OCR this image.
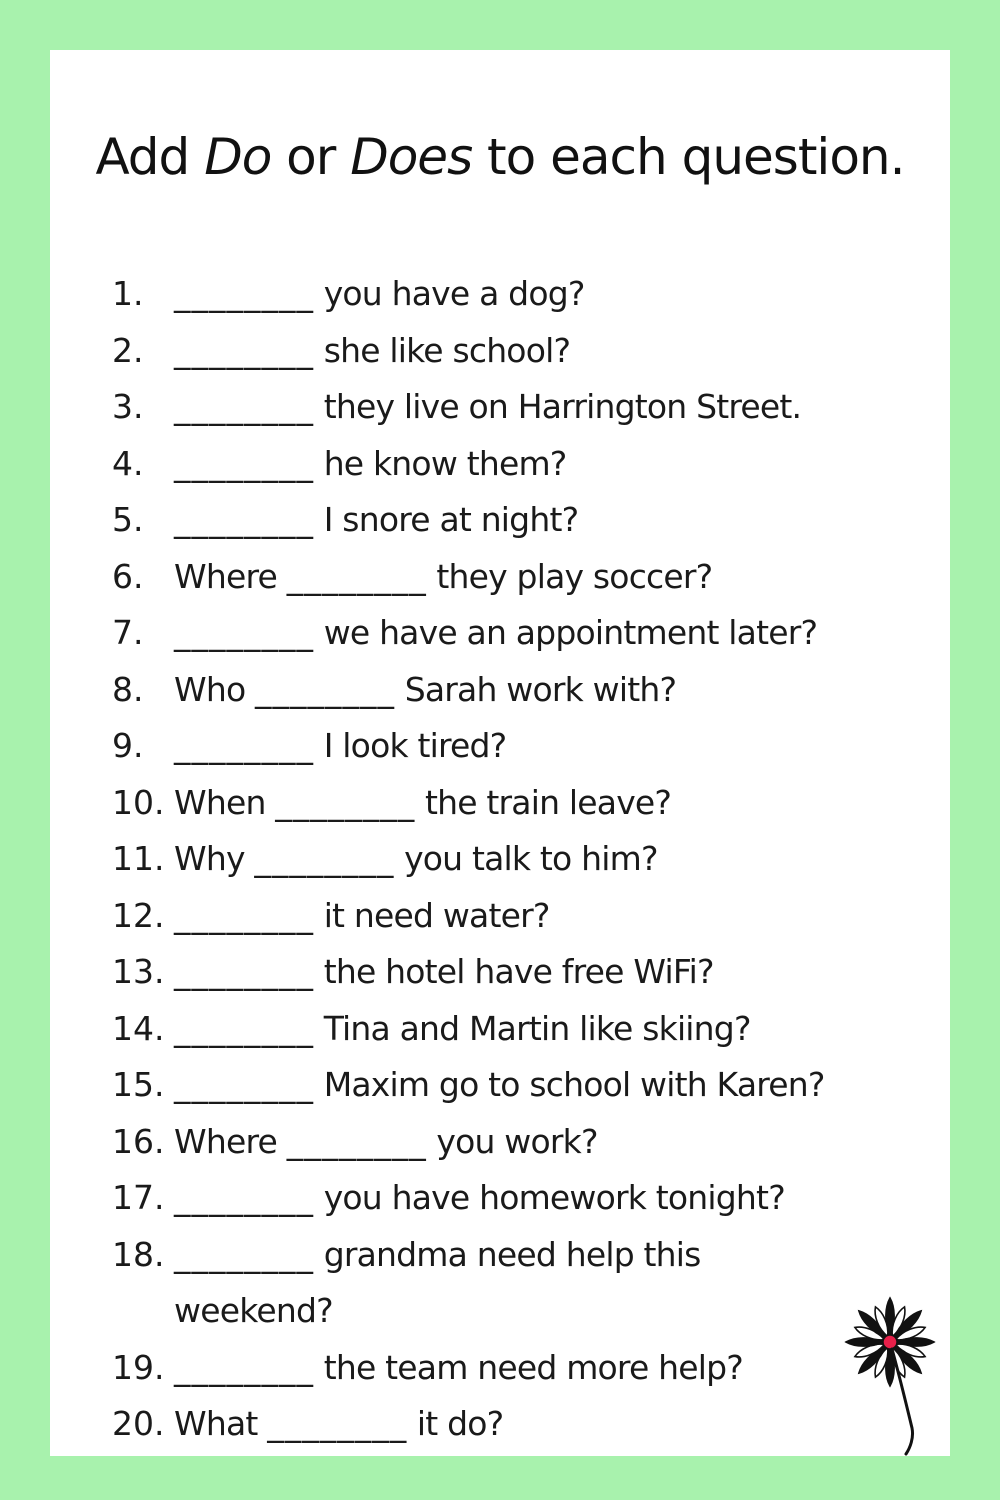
Add Do or Does to each question.
1. ________ you have a dog?
2. ________ she like school?
3. ________ they live on Harrington Street.
4. ________ he know them?
5. ________ I snore at night?
6. Where ________ they play soccer?
7. ________ we have an appointment later?
8. Who ________ Sarah work with?
9. ________ I look tired?
10. When ________ the train leave?
11. Why ________ you talk to him?
12. ________ it need water?
13. ________ the hotel have free WiFi?
14. ________ Tina and Martin like skiing?
15. ________ Maxim go to school with Karen?
16. Where ________ you work?
17. ________ you have homework tonight?
18. ________ grandma need help this
weekend?
19. ________ the team need more help?
20. What ________ it do?
